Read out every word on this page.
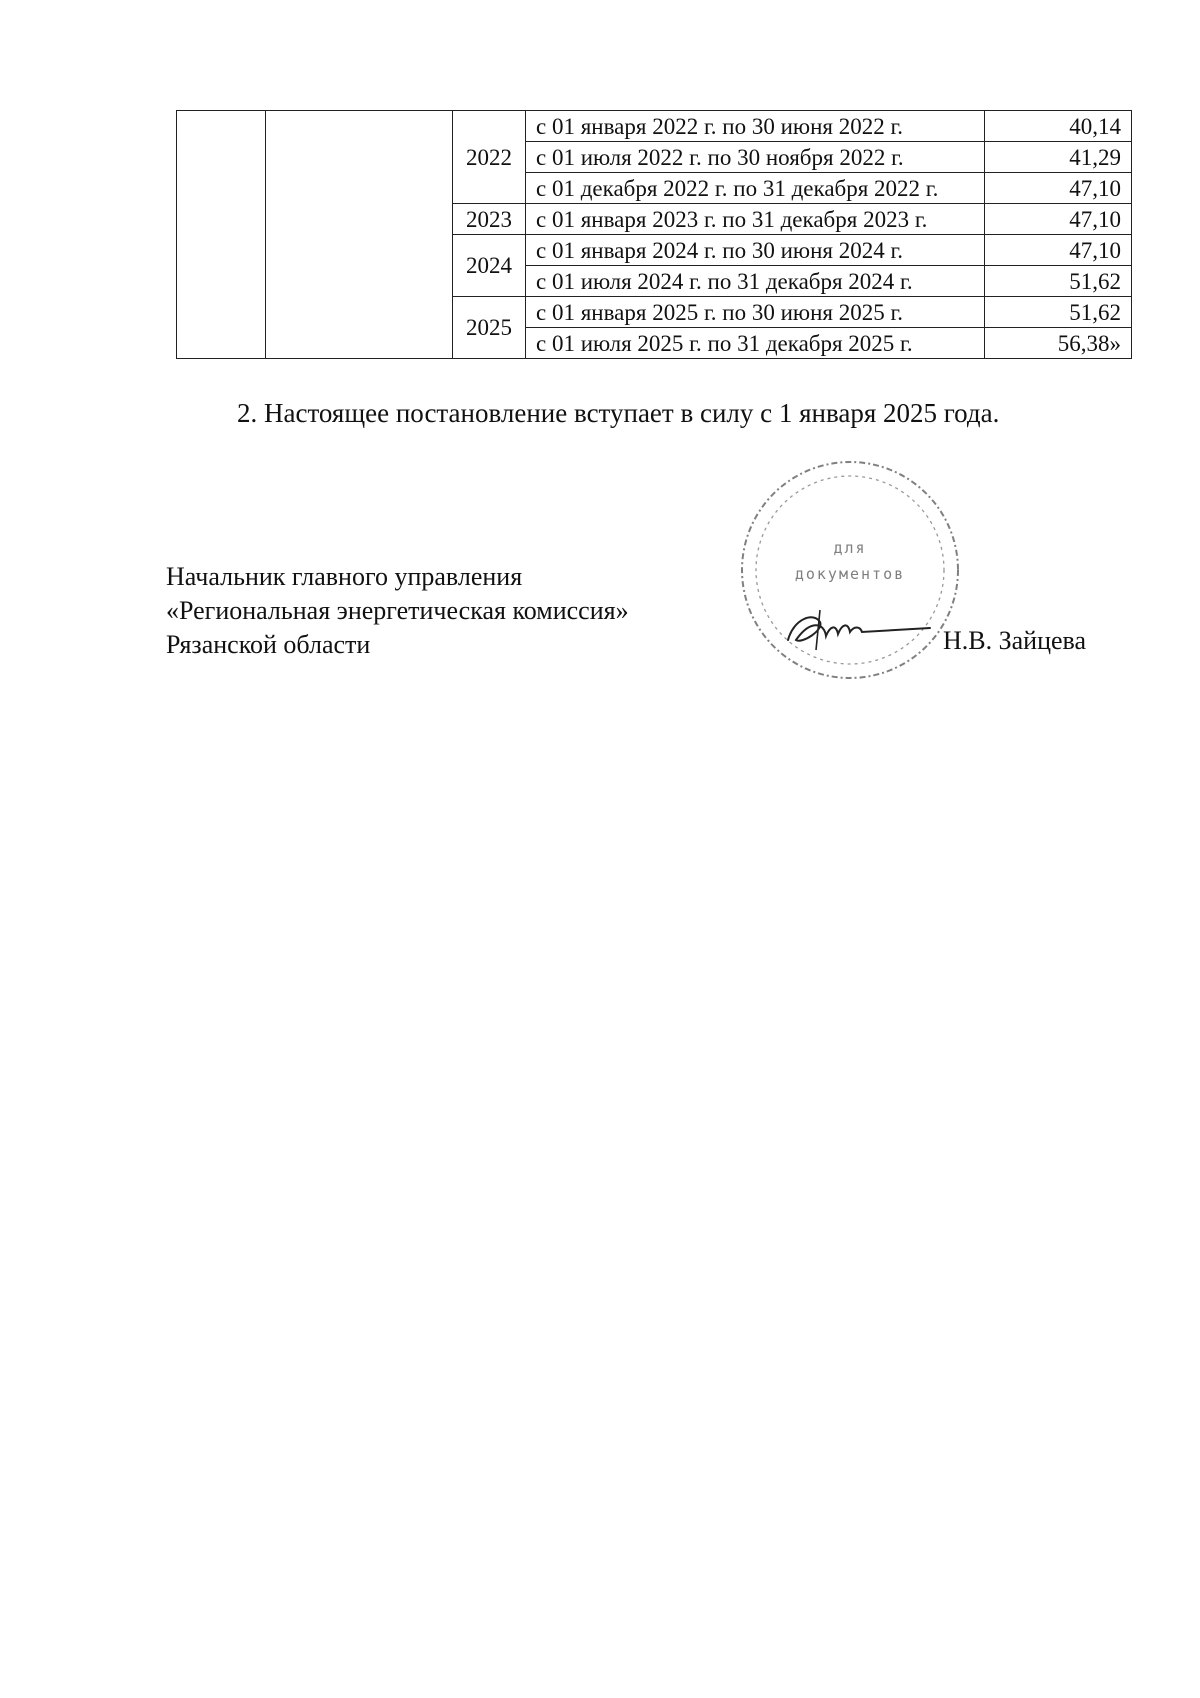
		2022	с 01 января 2022 г. по 30 июня 2022 г.	40,14
			с 01 июля 2022 г. по 30 ноября 2022 г.	41,29
			с 01 декабря 2022 г. по 31 декабря 2022 г.	47,10
		2023	с 01 января 2023 г. по 31 декабря 2023 г.	47,10
		2024	с 01 января 2024 г. по 30 июня 2024 г.	47,10
			с 01 июля 2024 г. по 31 декабря 2024 г.	51,62
		2025	с 01 января 2025 г. по 30 июня 2025 г.	51,62
			с 01 июля 2025 г. по 31 декабря 2025 г.	56,38»
2. Настоящее постановление вступает в силу с 1 января 2025 года.
Начальник главного управления
«Региональная энергетическая комиссия»
Рязанской области
для
документов
Н.В. Зайцева
